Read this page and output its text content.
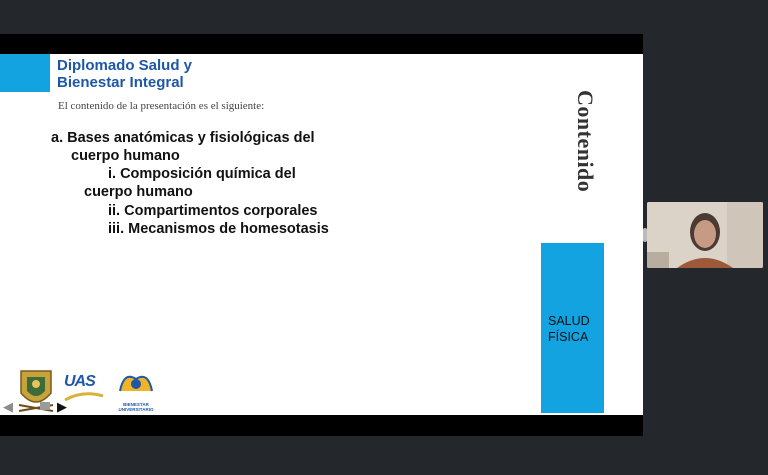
Diplomado Salud y Bienestar Integral
El contenido de la presentación es el siguiente:
a. Bases anatómicas y fisiológicas del
cuerpo humano
i. Composición química del
cuerpo humano
ii. Compartimentos corporales
iii. Mecanismos de homesotasis
Contenido
SALUD FÍSICA
UAS
BIENESTAR UNIVERSITARIO
◀	▶
